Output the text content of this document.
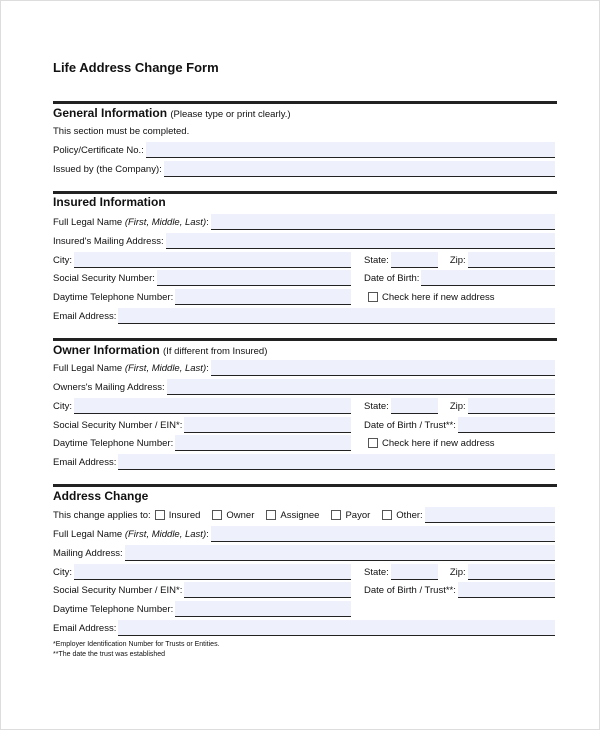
Life Address Change Form
General Information (Please type or print clearly.)
This section must be completed.
Policy/Certificate No.:
Issued by (the Company):
Insured Information
Full Legal Name (First, Middle, Last):
Insured's Mailing Address:
City:	State:	Zip:
Social Security Number:	Date of Birth:
Daytime Telephone Number:	Check here if new address
Email Address:
Owner Information (If different from Insured)
Full Legal Name (First, Middle, Last):
Owners's Mailing Address:
City:	State:	Zip:
Social Security Number / EIN*:	Date of Birth / Trust**:
Daytime Telephone Number:	Check here if new address
Email Address:
Address Change
This change applies to: Insured	Owner	Assignee	Payor	Other:
Full Legal Name (First, Middle, Last):
Mailing Address:
City:	State:	Zip:
Social Security Number / EIN*:	Date of Birth / Trust**:
Daytime Telephone Number:
Email Address:
*Employer Identification Number for Trusts or Entities.
**The date the trust was established
